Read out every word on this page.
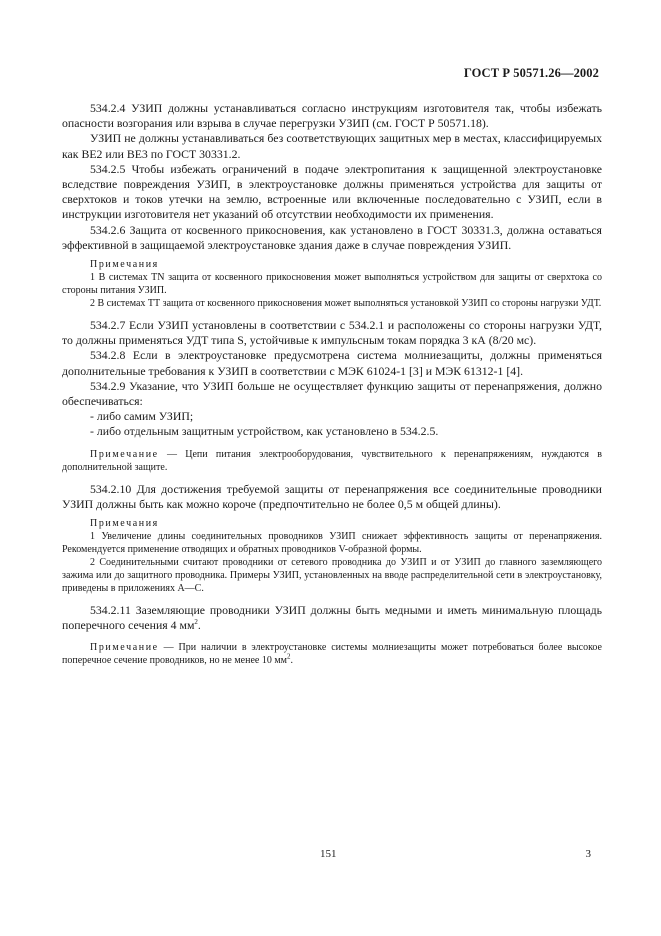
ГОСТ Р 50571.26—2002

534.2.4 УЗИП должны устанавливаться согласно инструкциям изготовителя так, чтобы избежать опасности возгорания или взрыва в случае перегрузки УЗИП (см. ГОСТ Р 50571.18).

УЗИП не должны устанавливаться без соответствующих защитных мер в местах, классифицируемых как ВЕ2 или ВЕ3 по ГОСТ 30331.2.

534.2.5 Чтобы избежать ограничений в подаче электропитания к защищенной электроустановке вследствие повреждения УЗИП, в электроустановке должны применяться устройства для защиты от сверхтоков и токов утечки на землю, встроенные или включенные последовательно с УЗИП, если в инструкции изготовителя нет указаний об отсутствии необходимости их применения.

534.2.6 Защита от косвенного прикосновения, как установлено в ГОСТ 30331.3, должна оставаться эффективной в защищаемой электроустановке здания даже в случае повреждения УЗИП.

Примечания

1 В системах TN защита от косвенного прикосновения может выполняться устройством для защиты от сверхтока со стороны питания УЗИП.

2 В системах ТТ защита от косвенного прикосновения может выполняться установкой УЗИП со стороны нагрузки УДТ.

534.2.7 Если УЗИП установлены в соответствии с 534.2.1 и расположены со стороны нагрузки УДТ, то должны применяться УДТ типа S, устойчивые к импульсным токам порядка 3 кА (8/20 мс).

534.2.8 Если в электроустановке предусмотрена система молниезащиты, должны применяться дополнительные требования к УЗИП в соответствии с МЭК 61024-1 [3] и МЭК 61312-1 [4].

534.2.9 Указание, что УЗИП больше не осуществляет функцию защиты от перенапряжения, должно обеспечиваться:

- либо самим УЗИП;

- либо отдельным защитным устройством, как установлено в 534.2.5.

Примечание — Цепи питания электрооборудования, чувствительного к перенапряжениям, нуждаются в дополнительной защите.

534.2.10 Для достижения требуемой защиты от перенапряжения все соединительные проводники УЗИП должны быть как можно короче (предпочтительно не более 0,5 м общей длины).

Примечания

1 Увеличение длины соединительных проводников УЗИП снижает эффективность защиты от перенапряжения. Рекомендуется применение отводящих и обратных проводников V-образной формы.

2 Соединительными считают проводники от сетевого проводника до УЗИП и от УЗИП до главного заземляющего зажима или до защитного проводника. Примеры УЗИП, установленных на вводе распределительной сети в электроустановку, приведены в приложениях А—С.

534.2.11 Заземляющие проводники УЗИП должны быть медными и иметь минимальную площадь поперечного сечения 4 $мм^2$.

Примечание — При наличии в электроустановке системы молниезащиты может потребоваться более высокое поперечное сечение проводников, но не менее 10 $мм^2$.

151	3
